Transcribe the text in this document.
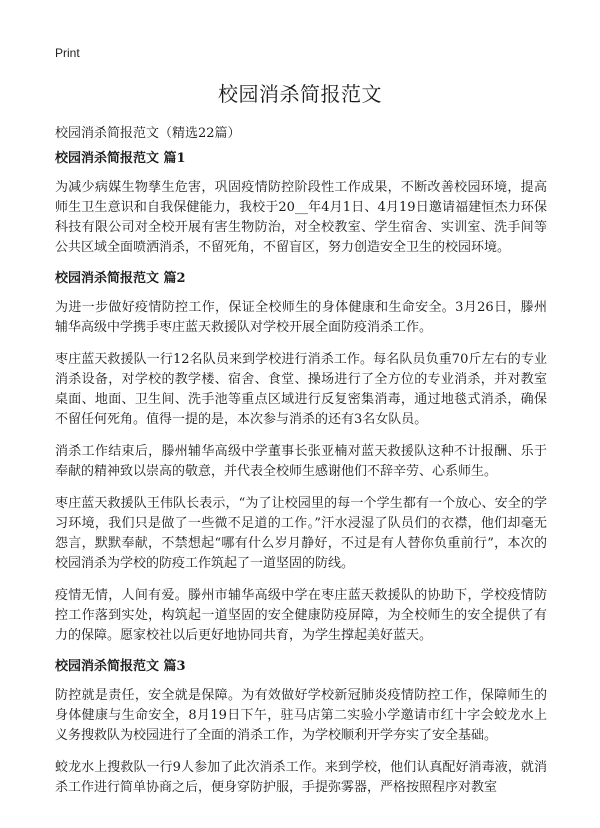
Print
校园消杀简报范文

校园消杀简报范文（精选22篇）

校园消杀简报范文 篇1

为减少病媒生物孳生危害，巩固疫情防控阶段性工作成果，不断改善校园环境，提高师生卫生意识和自我保健能力，我校于20__年4月1日、4月19日邀请福建恒杰力环保科技有限公司对全校开展有害生物防治，对全校教室、学生宿舍、实训室、洗手间等公共区域全面喷洒消杀，不留死角，不留盲区，努力创造安全卫生的校园环境。

校园消杀简报范文 篇2

为进一步做好疫情防控工作，保证全校师生的身体健康和生命安全。3月26日，滕州辅华高级中学携手枣庄蓝天救援队对学校开展全面防疫消杀工作。

枣庄蓝天救援队一行12名队员来到学校进行消杀工作。每名队员负重70斤左右的专业消杀设备，对学校的教学楼、宿舍、食堂、操场进行了全方位的专业消杀，并对教室桌面、地面、卫生间、洗手池等重点区域进行反复密集消毒，通过地毯式消杀，确保不留任何死角。值得一提的是，本次参与消杀的还有3名女队员。

消杀工作结束后，滕州辅华高级中学董事长张亚楠对蓝天救援队这种不计报酬、乐于奉献的精神致以崇高的敬意，并代表全校师生感谢他们不辞辛劳、心系师生。

枣庄蓝天救援队王伟队长表示，“为了让校园里的每一个学生都有一个放心、安全的学习环境，我们只是做了一些微不足道的工作。”汗水浸湿了队员们的衣襟，他们却毫无怨言，默默奉献，不禁想起“哪有什么岁月静好，不过是有人替你负重前行”，本次的校园消杀为学校的防疫工作筑起了一道坚固的防线。

疫情无情，人间有爱。滕州市辅华高级中学在枣庄蓝天救援队的协助下，学校疫情防控工作落到实处，构筑起一道坚固的安全健康防疫屏障，为全校师生的安全提供了有力的保障。愿家校社以后更好地协同共育，为学生撑起美好蓝天。

校园消杀简报范文 篇3

防控就是责任，安全就是保障。为有效做好学校新冠肺炎疫情防控工作，保障师生的身体健康与生命安全，8月19日下午，驻马店第二实验小学邀请市红十字会蛟龙水上义务搜救队为校园进行了全面的消杀工作，为学校顺利开学夯实了安全基础。

蛟龙水上搜救队一行9人参加了此次消杀工作。来到学校，他们认真配好消毒液，就消杀工作进行简单协商之后，便身穿防护服，手提弥雾器，严格按照程序对教室
